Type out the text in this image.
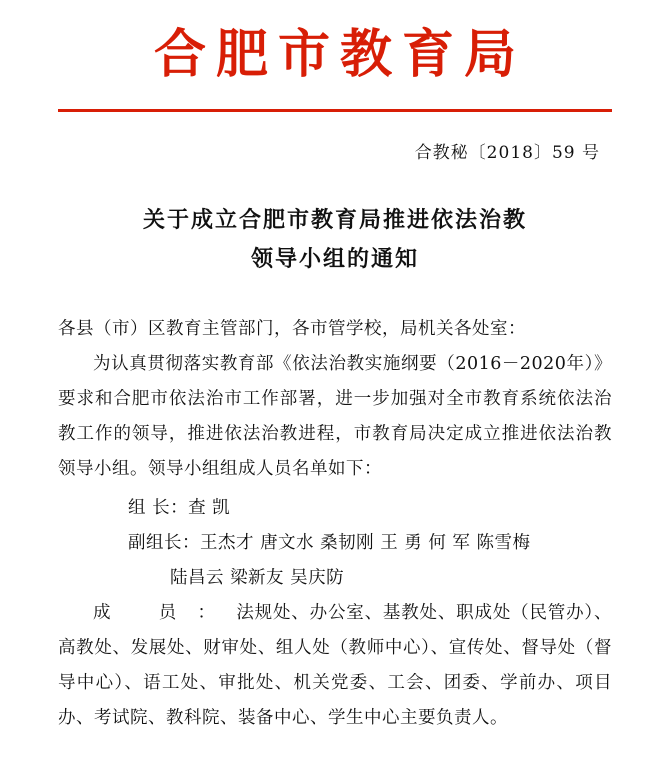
合肥市教育局
合教秘〔2018〕59 号
关于成立合肥市教育局推进依法治教
领导小组的通知

各县（市）区教育主管部门，各市管学校，局机关各处室：

为认真贯彻落实教育部《依法治教实施纲要（2016－2020年）》要求和合肥市依法治市工作部署，进一步加强对全市教育系统依法治教工作的领导，推进依法治教进程，市教育局决定成立推进依法治教领导小组。领导小组组成人员名单如下：

组 长：查 凯
副组长：王杰才 唐文水 桑韧刚 王 勇 何 军 陈雪梅
陆昌云 梁新友 吴庆防
成 员：法规处、办公室、基教处、职成处（民管办）、高教处、发展处、财审处、组人处（教师中心）、宣传处、督导处（督导中心）、语工处、审批处、机关党委、工会、团委、学前办、项目办、考试院、教科院、装备中心、学生中心主要负责人。
